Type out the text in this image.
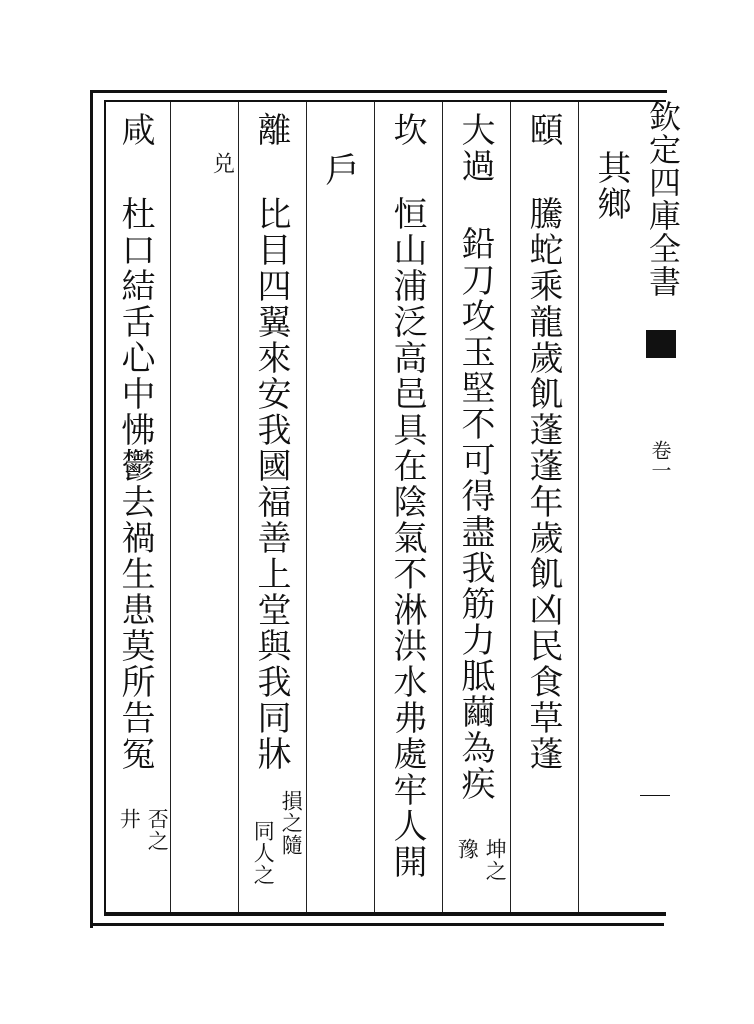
欽定四庫全書
卷一
其鄉
頤
騰蛇乘龍歲飢蓬蓬年歲飢凶民食草蓬
大過
鉛刀攻玉堅不可得盡我筋力胝繭為疾
坤之
豫
坎
恒山浦泛高邑具在陰氣不淋洪水弗處牢人開
戶
離
比目四翼來安我國福善上堂與我同牀
損之隨
同人之
兑
咸
杜口結舌心中怫鬱去禍生患莫所告冤
否之
井
